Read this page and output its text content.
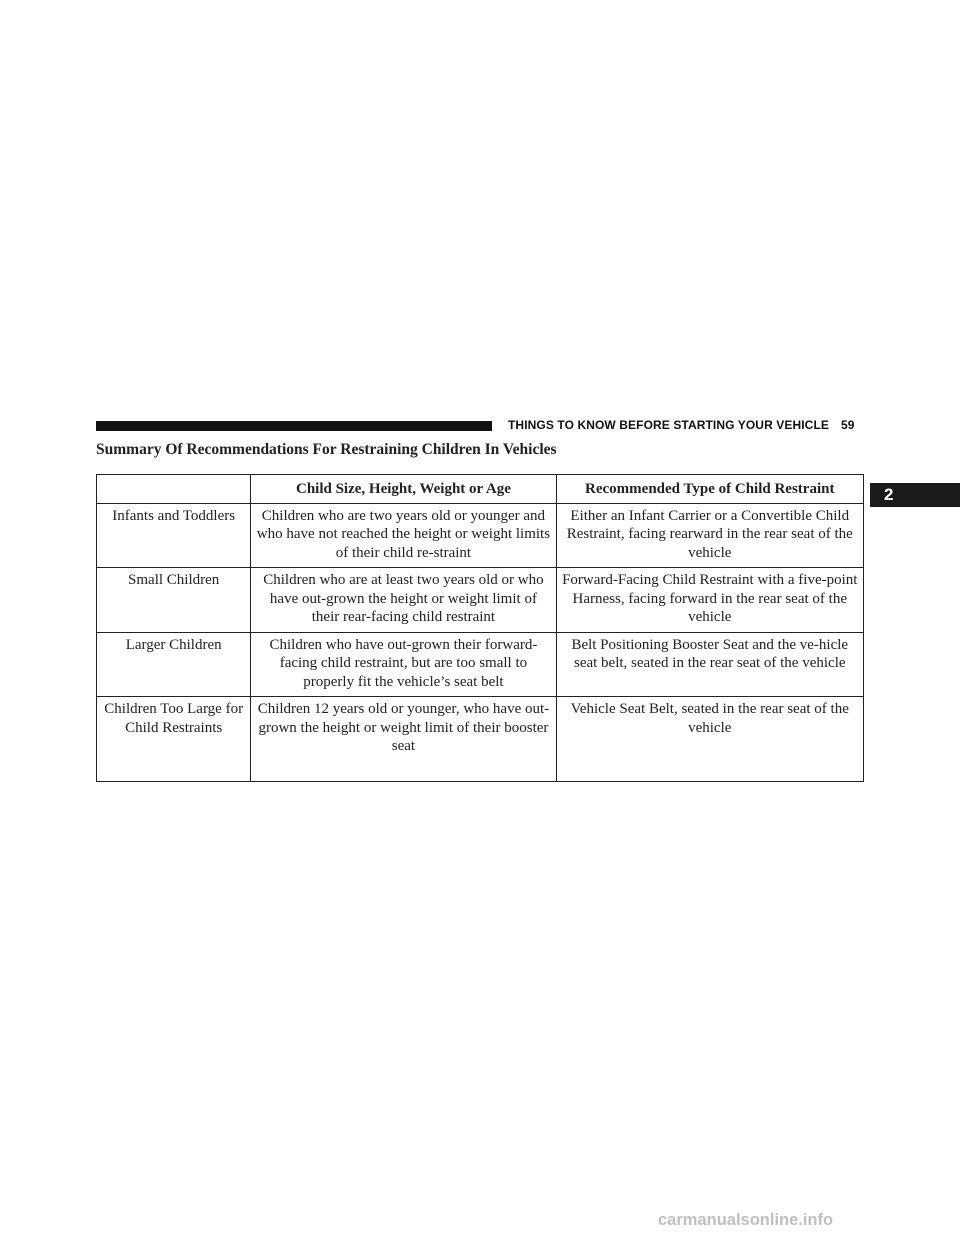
THINGS TO KNOW BEFORE STARTING YOUR VEHICLE 59
2
Summary Of Recommendations For Restraining Children In Vehicles
	Child Size, Height, Weight or Age	Recommended Type of Child Restraint
Infants and Toddlers	Children who are two years old or younger and who have not reached the height or weight limits of their child re-straint	Either an Infant Carrier or a Convertible Child Restraint, facing rearward in the rear seat of the vehicle
Small Children	Children who are at least two years old or who have out-grown the height or weight limit of their rear-facing child restraint	Forward-Facing Child Restraint with a five-point Harness, facing forward in the rear seat of the vehicle
Larger Children	Children who have out-grown their forward-facing child restraint, but are too small to properly fit the vehicle’s seat belt	Belt Positioning Booster Seat and the ve-hicle seat belt, seated in the rear seat of the vehicle
Children Too Large for Child Restraints	Children 12 years old or younger, who have out-grown the height or weight limit of their booster seat	Vehicle Seat Belt, seated in the rear seat of the vehicle
carmanualsonline.info
